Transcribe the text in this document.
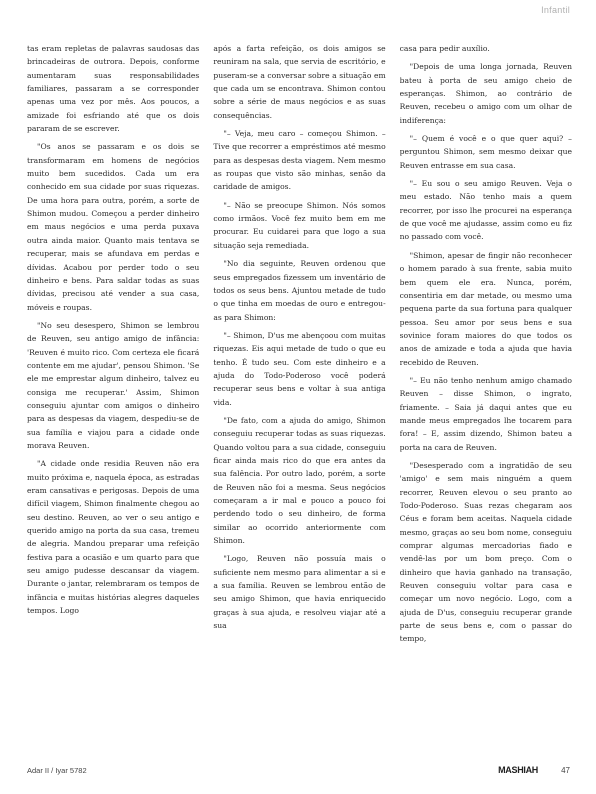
Infantil

tas eram repletas de palavras saudosas das brincadeiras de outrora. Depois, conforme aumentaram suas responsabilidades familiares, passaram a se corresponder apenas uma vez por mês. Aos poucos, a amizade foi esfriando até que os dois pararam de se escrever.

"Os anos se passaram e os dois se transformaram em homens de negócios muito bem sucedidos. Cada um era conhecido em sua cidade por suas riquezas. De uma hora para outra, porém, a sorte de Shimon mudou. Começou a perder dinheiro em maus negócios e uma perda puxava outra ainda maior. Quanto mais tentava se recuperar, mais se afundava em perdas e dívidas. Acabou por perder todo o seu dinheiro e bens. Para saldar todas as suas dívidas, precisou até vender a sua casa, móveis e roupas.

"No seu desespero, Shimon se lembrou de Reuven, seu antigo amigo de infância: 'Reuven é muito rico. Com certeza ele ficará contente em me ajudar', pensou Shimon. 'Se ele me emprestar algum dinheiro, talvez eu consiga me recuperar.' Assim, Shimon conseguiu ajuntar com amigos o dinheiro para as despesas da viagem, despediu-se de sua família e viajou para a cidade onde morava Reuven.

"A cidade onde residia Reuven não era muito próxima e, naquela época, as estradas eram cansativas e perigosas. Depois de uma difícil viagem, Shimon finalmente chegou ao seu destino. Reuven, ao ver o seu antigo e querido amigo na porta da sua casa, tremeu de alegria. Mandou preparar uma refeição festiva para a ocasião e um quarto para que seu amigo pudesse descansar da viagem. Durante o jantar, relembraram os tempos de infância e muitas histórias alegres daqueles tempos. Logo

após a farta refeição, os dois amigos se reuniram na sala, que servia de escritório, e puseram-se a conversar sobre a situação em que cada um se encontrava. Shimon contou sobre a série de maus negócios e as suas consequências.

"– Veja, meu caro – começou Shimon. – Tive que recorrer a empréstimos até mesmo para as despesas desta viagem. Nem mesmo as roupas que visto são minhas, senão da caridade de amigos.

"– Não se preocupe Shimon. Nós somos como irmãos. Você fez muito bem em me procurar. Eu cuidarei para que logo a sua situação seja remediada.

"No dia seguinte, Reuven ordenou que seus empregados fizessem um inventário de todos os seus bens. Ajuntou metade de tudo o que tinha em moedas de ouro e entregou-as para Shimon:

"– Shimon, D'us me abençoou com muitas riquezas. Eis aqui metade de tudo o que eu tenho. É tudo seu. Com este dinheiro e a ajuda do Todo-Poderoso você poderá recuperar seus bens e voltar à sua antiga vida.

"De fato, com a ajuda do amigo, Shimon conseguiu recuperar todas as suas riquezas. Quando voltou para a sua cidade, conseguiu ficar ainda mais rico do que era antes da sua falência. Por outro lado, porém, a sorte de Reuven não foi a mesma. Seus negócios começaram a ir mal e pouco a pouco foi perdendo todo o seu dinheiro, de forma similar ao ocorrido anteriormente com Shimon.

"Logo, Reuven não possuía mais o suficiente nem mesmo para alimentar a si e a sua família. Reuven se lembrou então de seu amigo Shimon, que havia enriquecido graças à sua ajuda, e resolveu viajar até a sua

casa para pedir auxílio.

"Depois de uma longa jornada, Reuven bateu à porta de seu amigo cheio de esperanças. Shimon, ao contrário de Reuven, recebeu o amigo com um olhar de indiferença:

"– Quem é você e o que quer aqui? – perguntou Shimon, sem mesmo deixar que Reuven entrasse em sua casa.

"– Eu sou o seu amigo Reuven. Veja o meu estado. Não tenho mais a quem recorrer, por isso lhe procurei na esperança de que você me ajudasse, assim como eu fiz no passado com você.

"Shimon, apesar de fingir não reconhecer o homem parado à sua frente, sabia muito bem quem ele era. Nunca, porém, consentiria em dar metade, ou mesmo uma pequena parte da sua fortuna para qualquer pessoa. Seu amor por seus bens e sua sovinice foram maiores do que todos os anos de amizade e toda a ajuda que havia recebido de Reuven.

"– Eu não tenho nenhum amigo chamado Reuven – disse Shimon, o ingrato, friamente. – Saia já daqui antes que eu mande meus empregados lhe tocarem para fora! – E, assim dizendo, Shimon bateu a porta na cara de Reuven.

"Desesperado com a ingratidão de seu 'amigo' e sem mais ninguém a quem recorrer, Reuven elevou o seu pranto ao Todo-Poderoso. Suas rezas chegaram aos Céus e foram bem aceitas. Naquela cidade mesmo, graças ao seu bom nome, conseguiu comprar algumas mercadorias fiado e vendê-las por um bom preço. Com o dinheiro que havia ganhado na transação, Reuven conseguiu voltar para casa e começar um novo negócio. Logo, com a ajuda de D'us, conseguiu recuperar grande parte de seus bens e, com o passar do tempo,

Adar II / Iyar 5782	MASHIAH	47
